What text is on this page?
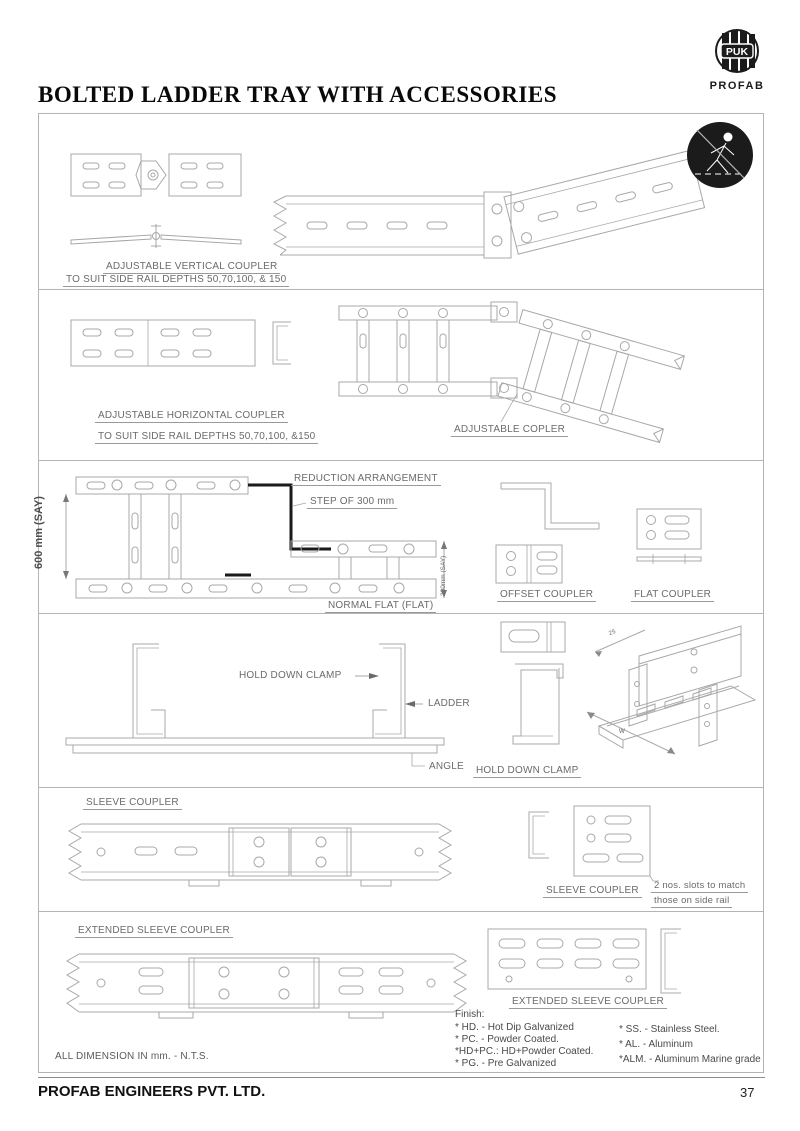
PUK
PROFAB
BOLTED LADDER TRAY WITH ACCESSORIES
ADJUSTABLE VERTICAL COUPLER
TO SUIT SIDE RAIL DEPTHS 50,70,100, & 150
ADJUSTABLE HORIZONTAL COUPLER
TO SUIT SIDE RAIL DEPTHS 50,70,100, &150
ADJUSTABLE COPLER
REDUCTION ARRANGEMENT
STEP OF 300 mm
600 mm (SAY)
300mm (SAY)
NORMAL FLAT (FLAT)
OFFSET COUPLER	FLAT COUPLER
HOLD DOWN CLAMP
LADDER
ANGLE	HOLD DOWN CLAMP
w
25
SLEEVE COUPLER
SLEEVE COUPLER	2 nos. slots to match
those on side rail
EXTENDED SLEEVE COUPLER
EXTENDED SLEEVE COUPLER
Finish:
* HD. - Hot Dip Galvanized
* PC. - Powder Coated.
*HD+PC.: HD+Powder Coated.
* PG. - Pre Galvanized
* SS. - Stainless Steel.
* AL. - Aluminum
*ALM. - Aluminum Marine grade
ALL DIMENSION IN mm. - N.T.S.
PROFAB ENGINEERS PVT. LTD.	37
